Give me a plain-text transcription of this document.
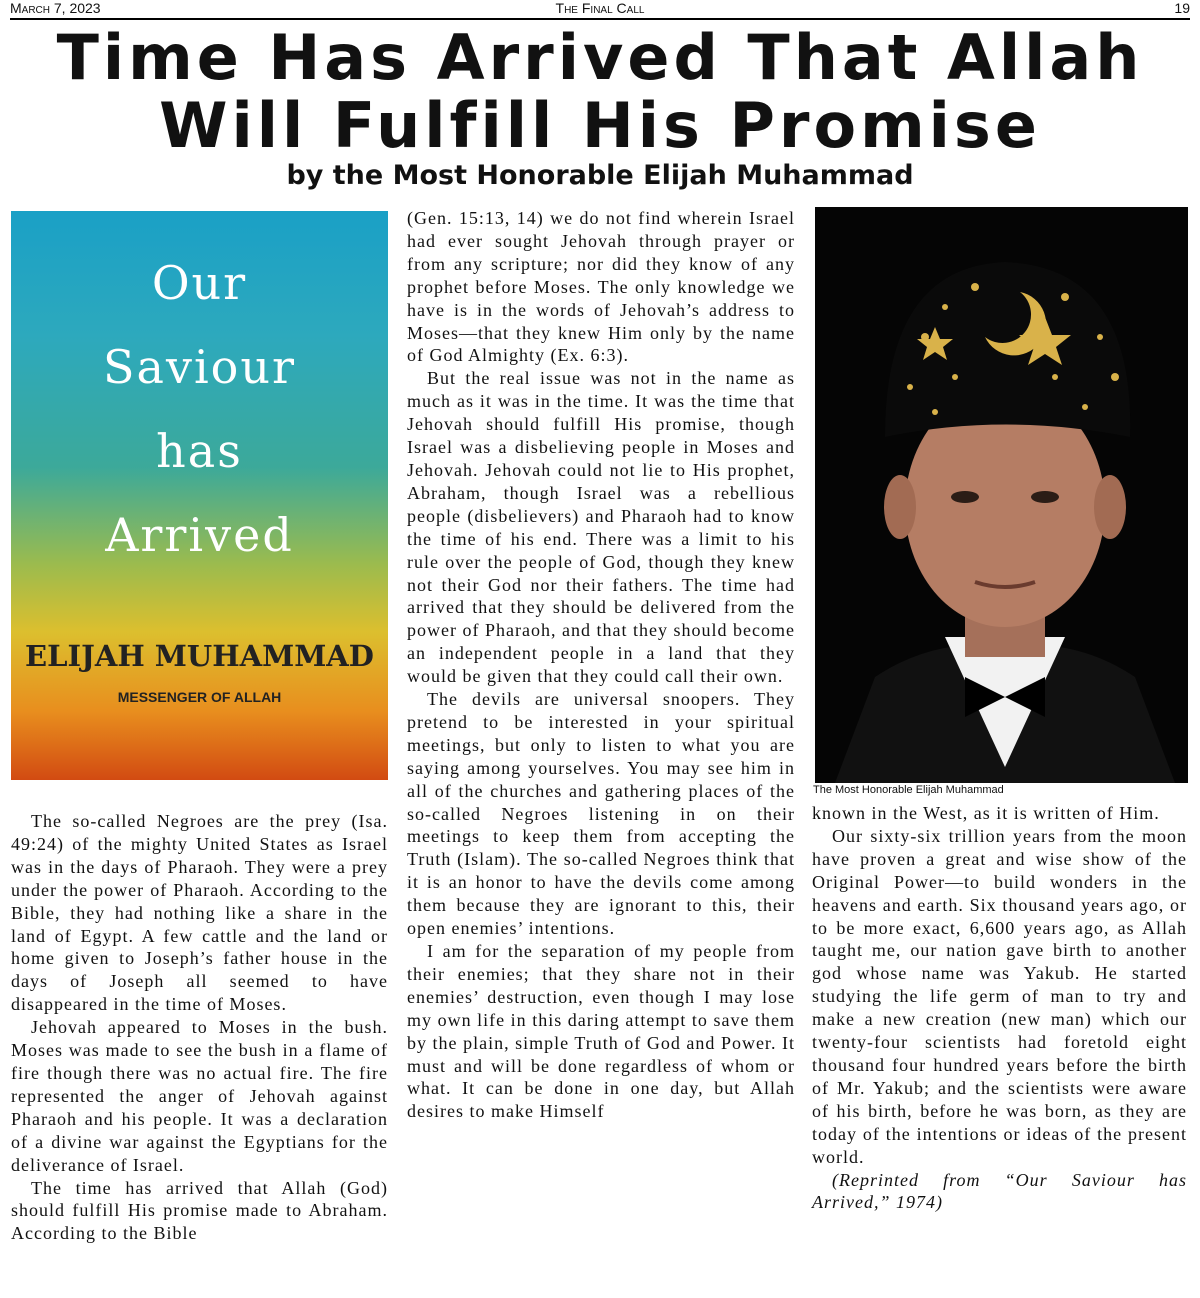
March 7, 2023	The Final Call	19
Time Has Arrived That Allah
Will Fulfill His Promise
by the Most Honorable Elijah Muhammad
Our
Saviour
has
Arrived
ELIJAH MUHAMMAD
MESSENGER OF ALLAH
The Most Honorable Elijah Muhammad

The so-called Negroes are the prey (Isa. 49:24) of the mighty United States as Israel was in the days of Pharaoh. They were a prey under the power of Pharaoh. According to the Bible, they had nothing like a share in the land of Egypt. A few cattle and the land or home given to Joseph’s father house in the days of Joseph all seemed to have disappeared in the time of Moses.

Jehovah appeared to Moses in the bush. Moses was made to see the bush in a flame of fire though there was no actual fire. The fire represented the anger of Jehovah against Pharaoh and his people. It was a declaration of a divine war against the Egyptians for the deliverance of Israel.

The time has arrived that Allah (God) should fulfill His promise made to Abraham. According to the Bible

(Gen. 15:13, 14) we do not find wherein Israel had ever sought Jehovah through prayer or from any scripture; nor did they know of any prophet before Moses. The only knowledge we have is in the words of Jehovah’s address to Moses—that they knew Him only by the name of God Almighty (Ex. 6:3).

But the real issue was not in the name as much as it was in the time. It was the time that Jehovah should fulfill His promise, though Israel was a disbelieving people in Moses and Jehovah. Jehovah could not lie to His prophet, Abraham, though Israel was a rebellious people (disbelievers) and Pharaoh had to know the time of his end. There was a limit to his rule over the people of God, though they knew not their God nor their fathers. The time had arrived that they should be delivered from the power of Pharaoh, and that they should become an independent people in a land that they would be given that they could call their own.

The devils are universal snoopers. They pretend to be interested in your spiritual meetings, but only to listen to what you are saying among yourselves. You may see him in all of the churches and gathering places of the so-called Negroes listening in on their meetings to keep them from accepting the Truth (Islam). The so-called Negroes think that it is an honor to have the devils come among them because they are ignorant to this, their open enemies’ intentions.

I am for the separation of my people from their enemies; that they share not in their enemies’ destruction, even though I may lose my own life in this daring attempt to save them by the plain, simple Truth of God and Power. It must and will be done regardless of whom or what. It can be done in one day, but Allah desires to make Himself

known in the West, as it is written of Him.

Our sixty-six trillion years from the moon have proven a great and wise show of the Original Power—to build wonders in the heavens and earth. Six thousand years ago, or to be more exact, 6,600 years ago, as Allah taught me, our nation gave birth to another god whose name was Yakub. He started studying the life germ of man to try and make a new creation (new man) which our twenty-four scientists had foretold eight thousand four hundred years before the birth of Mr. Yakub; and the scientists were aware of his birth, before he was born, as they are today of the intentions or ideas of the present world.

(Reprinted from “Our Saviour has Arrived,” 1974)
